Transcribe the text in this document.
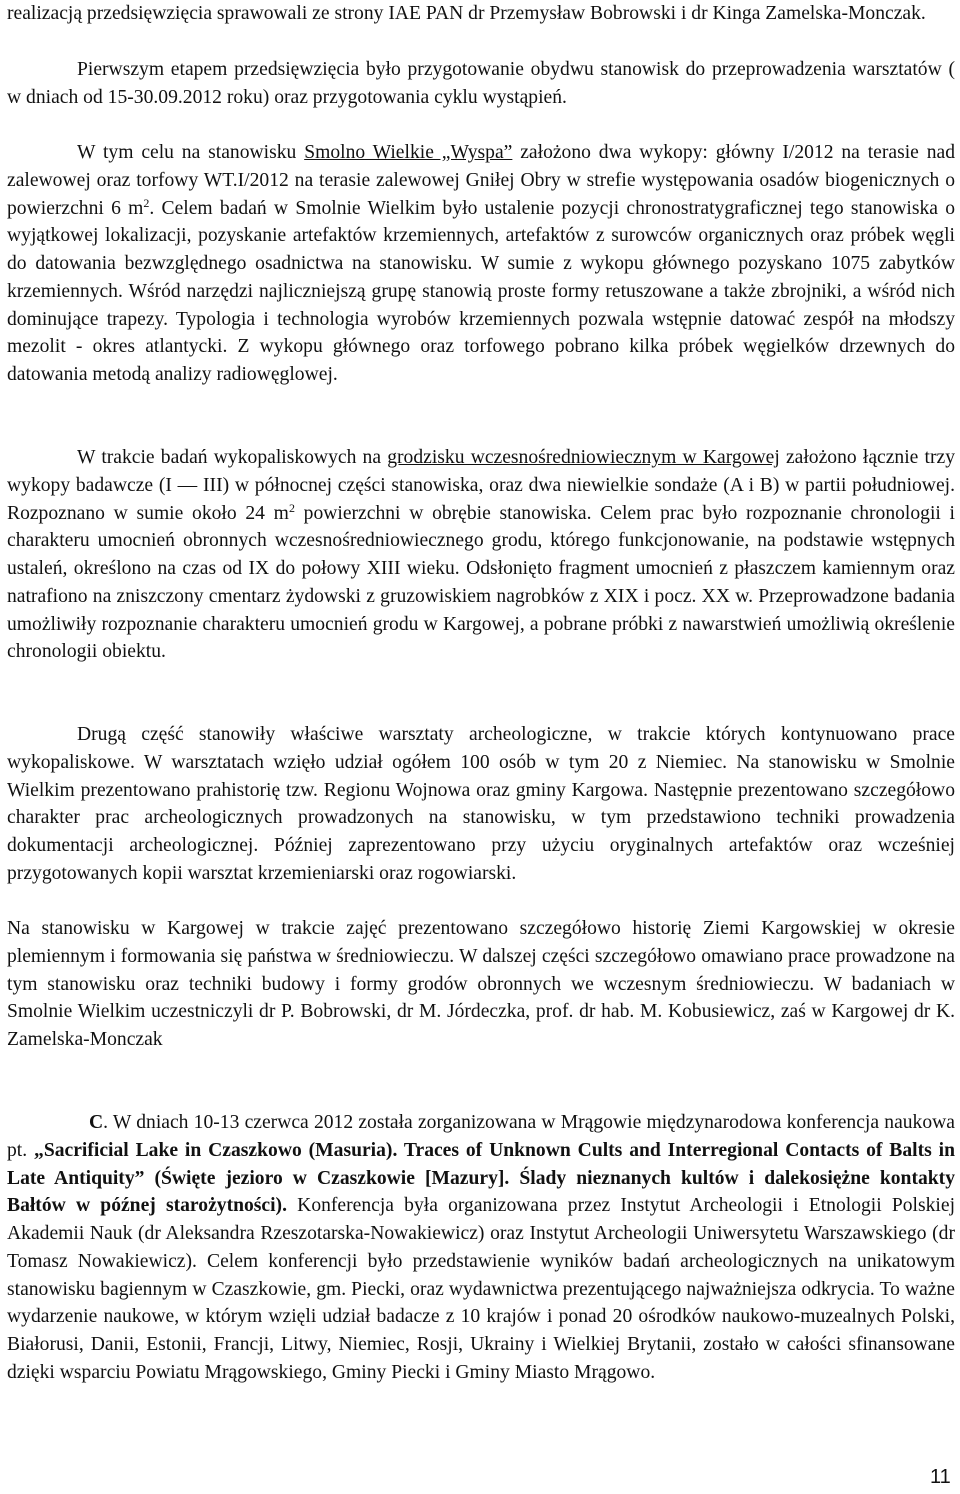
realizacją przedsięwzięcia sprawowali ze strony IAE PAN dr Przemysław Bobrowski i dr Kinga Zamelska-Monczak.

Pierwszym etapem przedsięwzięcia było przygotowanie obydwu stanowisk do przeprowadzenia warsztatów ( w dniach od 15-30.09.2012 roku) oraz przygotowania cyklu wystąpień.

W tym celu na stanowisku Smolno Wielkie „Wyspa” założono dwa wykopy: główny I/2012 na terasie nad zalewowej oraz torfowy WT.I/2012 na terasie zalewowej Gniłej Obry w strefie występowania osadów biogenicznych o powierzchni 6 $m^2$. Celem badań w Smolnie Wielkim było ustalenie pozycji chronostratygraficznej tego stanowiska o wyjątkowej lokalizacji, pozyskanie artefaktów krzemiennych, artefaktów z surowców organicznych oraz próbek węgli do datowania bezwzględnego osadnictwa na stanowisku. W sumie z wykopu głównego pozyskano 1075 zabytków krzemiennych. Wśród narzędzi najliczniejszą grupę stanowią proste formy retuszowane a także zbrojniki, a wśród nich dominujące trapezy. Typologia i technologia wyrobów krzemiennych pozwala wstępnie datować zespół na młodszy mezolit - okres atlantycki. Z wykopu głównego oraz torfowego pobrano kilka próbek węgielków drzewnych do datowania metodą analizy radiowęglowej.

W trakcie badań wykopaliskowych na grodzisku wczesnośredniowiecznym w Kargowej założono łącznie trzy wykopy badawcze (I — III) w północnej części stanowiska, oraz dwa niewielkie sondaże (A i B) w partii południowej. Rozpoznano w sumie około 24 $m^2$ powierzchni w obrębie stanowiska. Celem prac było rozpoznanie chronologii i charakteru umocnień obronnych wczesnośredniowiecznego grodu, którego funkcjonowanie, na podstawie wstępnych ustaleń, określono na czas od IX do połowy XIII wieku. Odsłonięto fragment umocnień z płaszczem kamiennym oraz natrafiono na zniszczony cmentarz żydowski z gruzowiskiem nagrobków z XIX i pocz. XX w. Przeprowadzone badania umożliwiły rozpoznanie charakteru umocnień grodu w Kargowej, a pobrane próbki z nawarstwień umożliwią określenie chronologii obiektu.

Drugą część stanowiły właściwe warsztaty archeologiczne, w trakcie których kontynuowano prace wykopaliskowe. W warsztatach wzięło udział ogółem 100 osób w tym 20 z Niemiec. Na stanowisku w Smolnie Wielkim prezentowano prahistorię tzw. Regionu Wojnowa oraz gminy Kargowa. Następnie prezentowano szczegółowo charakter prac archeologicznych prowadzonych na stanowisku, w tym przedstawiono techniki prowadzenia dokumentacji archeologicznej. Później zaprezentowano przy użyciu oryginalnych artefaktów oraz wcześniej przygotowanych kopii warsztat krzemieniarski oraz rogowiarski.

Na stanowisku w Kargowej w trakcie zajęć prezentowano szczegółowo historię Ziemi Kargowskiej w okresie plemiennym i formowania się państwa w średniowieczu. W dalszej części szczegółowo omawiano prace prowadzone na tym stanowisku oraz techniki budowy i formy grodów obronnych we wczesnym średniowieczu. W badaniach w Smolnie Wielkim uczestniczyli dr P. Bobrowski, dr M. Jórdeczka, prof. dr hab. M. Kobusiewicz, zaś w Kargowej dr K. Zamelska-Monczak

C. W dniach 10-13 czerwca 2012 została zorganizowana w Mrągowie międzynarodowa konferencja naukowa pt. „Sacrificial Lake in Czaszkowo (Masuria). Traces of Unknown Cults and Interregional Contacts of Balts in Late Antiquity” (Święte jezioro w Czaszkowie [Mazury]. Ślady nieznanych kultów i dalekosiężne kontakty Bałtów w późnej starożytności). Konferencja była organizowana przez Instytut Archeologii i Etnologii Polskiej Akademii Nauk (dr Aleksandra Rzeszotarska-Nowakiewicz) oraz Instytut Archeologii Uniwersytetu Warszawskiego (dr Tomasz Nowakiewicz). Celem konferencji było przedstawienie wyników badań archeologicznych na unikatowym stanowisku bagiennym w Czaszkowie, gm. Piecki, oraz wydawnictwa prezentującego najważniejsza odkrycia. To ważne wydarzenie naukowe, w którym wzięli udział badacze z 10 krajów i ponad 20 ośrodków naukowo-muzealnych Polski, Białorusi, Danii, Estonii, Francji, Litwy, Niemiec, Rosji, Ukrainy i Wielkiej Brytanii, zostało w całości sfinansowane dzięki wsparciu Powiatu Mrągowskiego, Gminy Piecki i Gminy Miasto Mrągowo.

11
